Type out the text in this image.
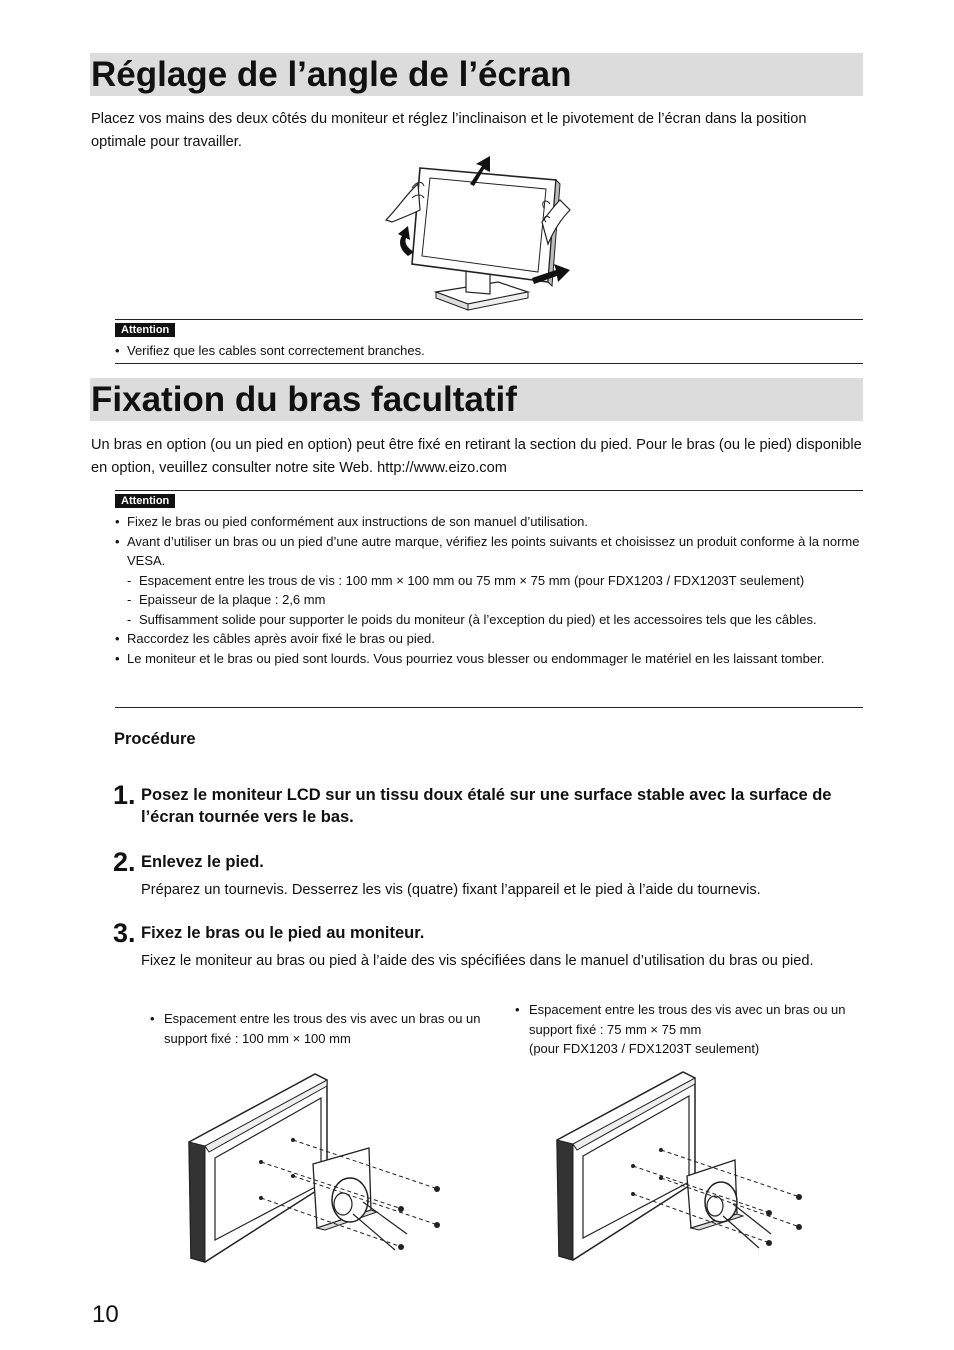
Réglage de l’angle de l’écran

Placez vos mains des deux côtés du moniteur et réglez l’inclinaison et le pivotement de l’écran dans la position optimale pour travailler.

Attention
• Verifiez que les cables sont correctement branches.
Fixation du bras facultatif

Un bras en option (ou un pied en option) peut être fixé en retirant la section du pied. Pour le bras (ou le pied) disponible en option, veuillez consulter notre site Web. http://www.eizo.com

Attention
• Fixez le bras ou pied conformément aux instructions de son manuel d’utilisation.
• Avant d’utiliser un bras ou un pied d’une autre marque, vérifiez les points suivants et choisissez un produit conforme à la norme VESA.
- Espacement entre les trous de vis : 100 mm × 100 mm ou 75 mm × 75 mm (pour FDX1203 / FDX1203T seulement)
- Epaisseur de la plaque : 2,6 mm
- Suffisamment solide pour supporter le poids du moniteur (à l’exception du pied) et les accessoires tels que les câbles.
• Raccordez les câbles après avoir fixé le bras ou pied.
• Le moniteur et le bras ou pied sont lourds. Vous pourriez vous blesser ou endommager le matériel en les laissant tomber.
Procédure
1. Posez le moniteur LCD sur un tissu doux étalé sur une surface stable avec la surface de l’écran tournée vers le bas.

2. Enlevez le pied.

Préparez un tournevis. Desserrez les vis (quatre) fixant l’appareil et le pied à l’aide du tournevis.

3. Fixez le bras ou le pied au moniteur.

Fixez le moniteur au bras ou pied à l’aide des vis spécifiées dans le manuel d’utilisation du bras ou pied.

• Espacement entre les trous des vis avec un bras ou un support fixé : 100 mm × 100 mm
• Espacement entre les trous des vis avec un bras ou un support fixé : 75 mm × 75 mm
(pour FDX1203 / FDX1203T seulement)
10
